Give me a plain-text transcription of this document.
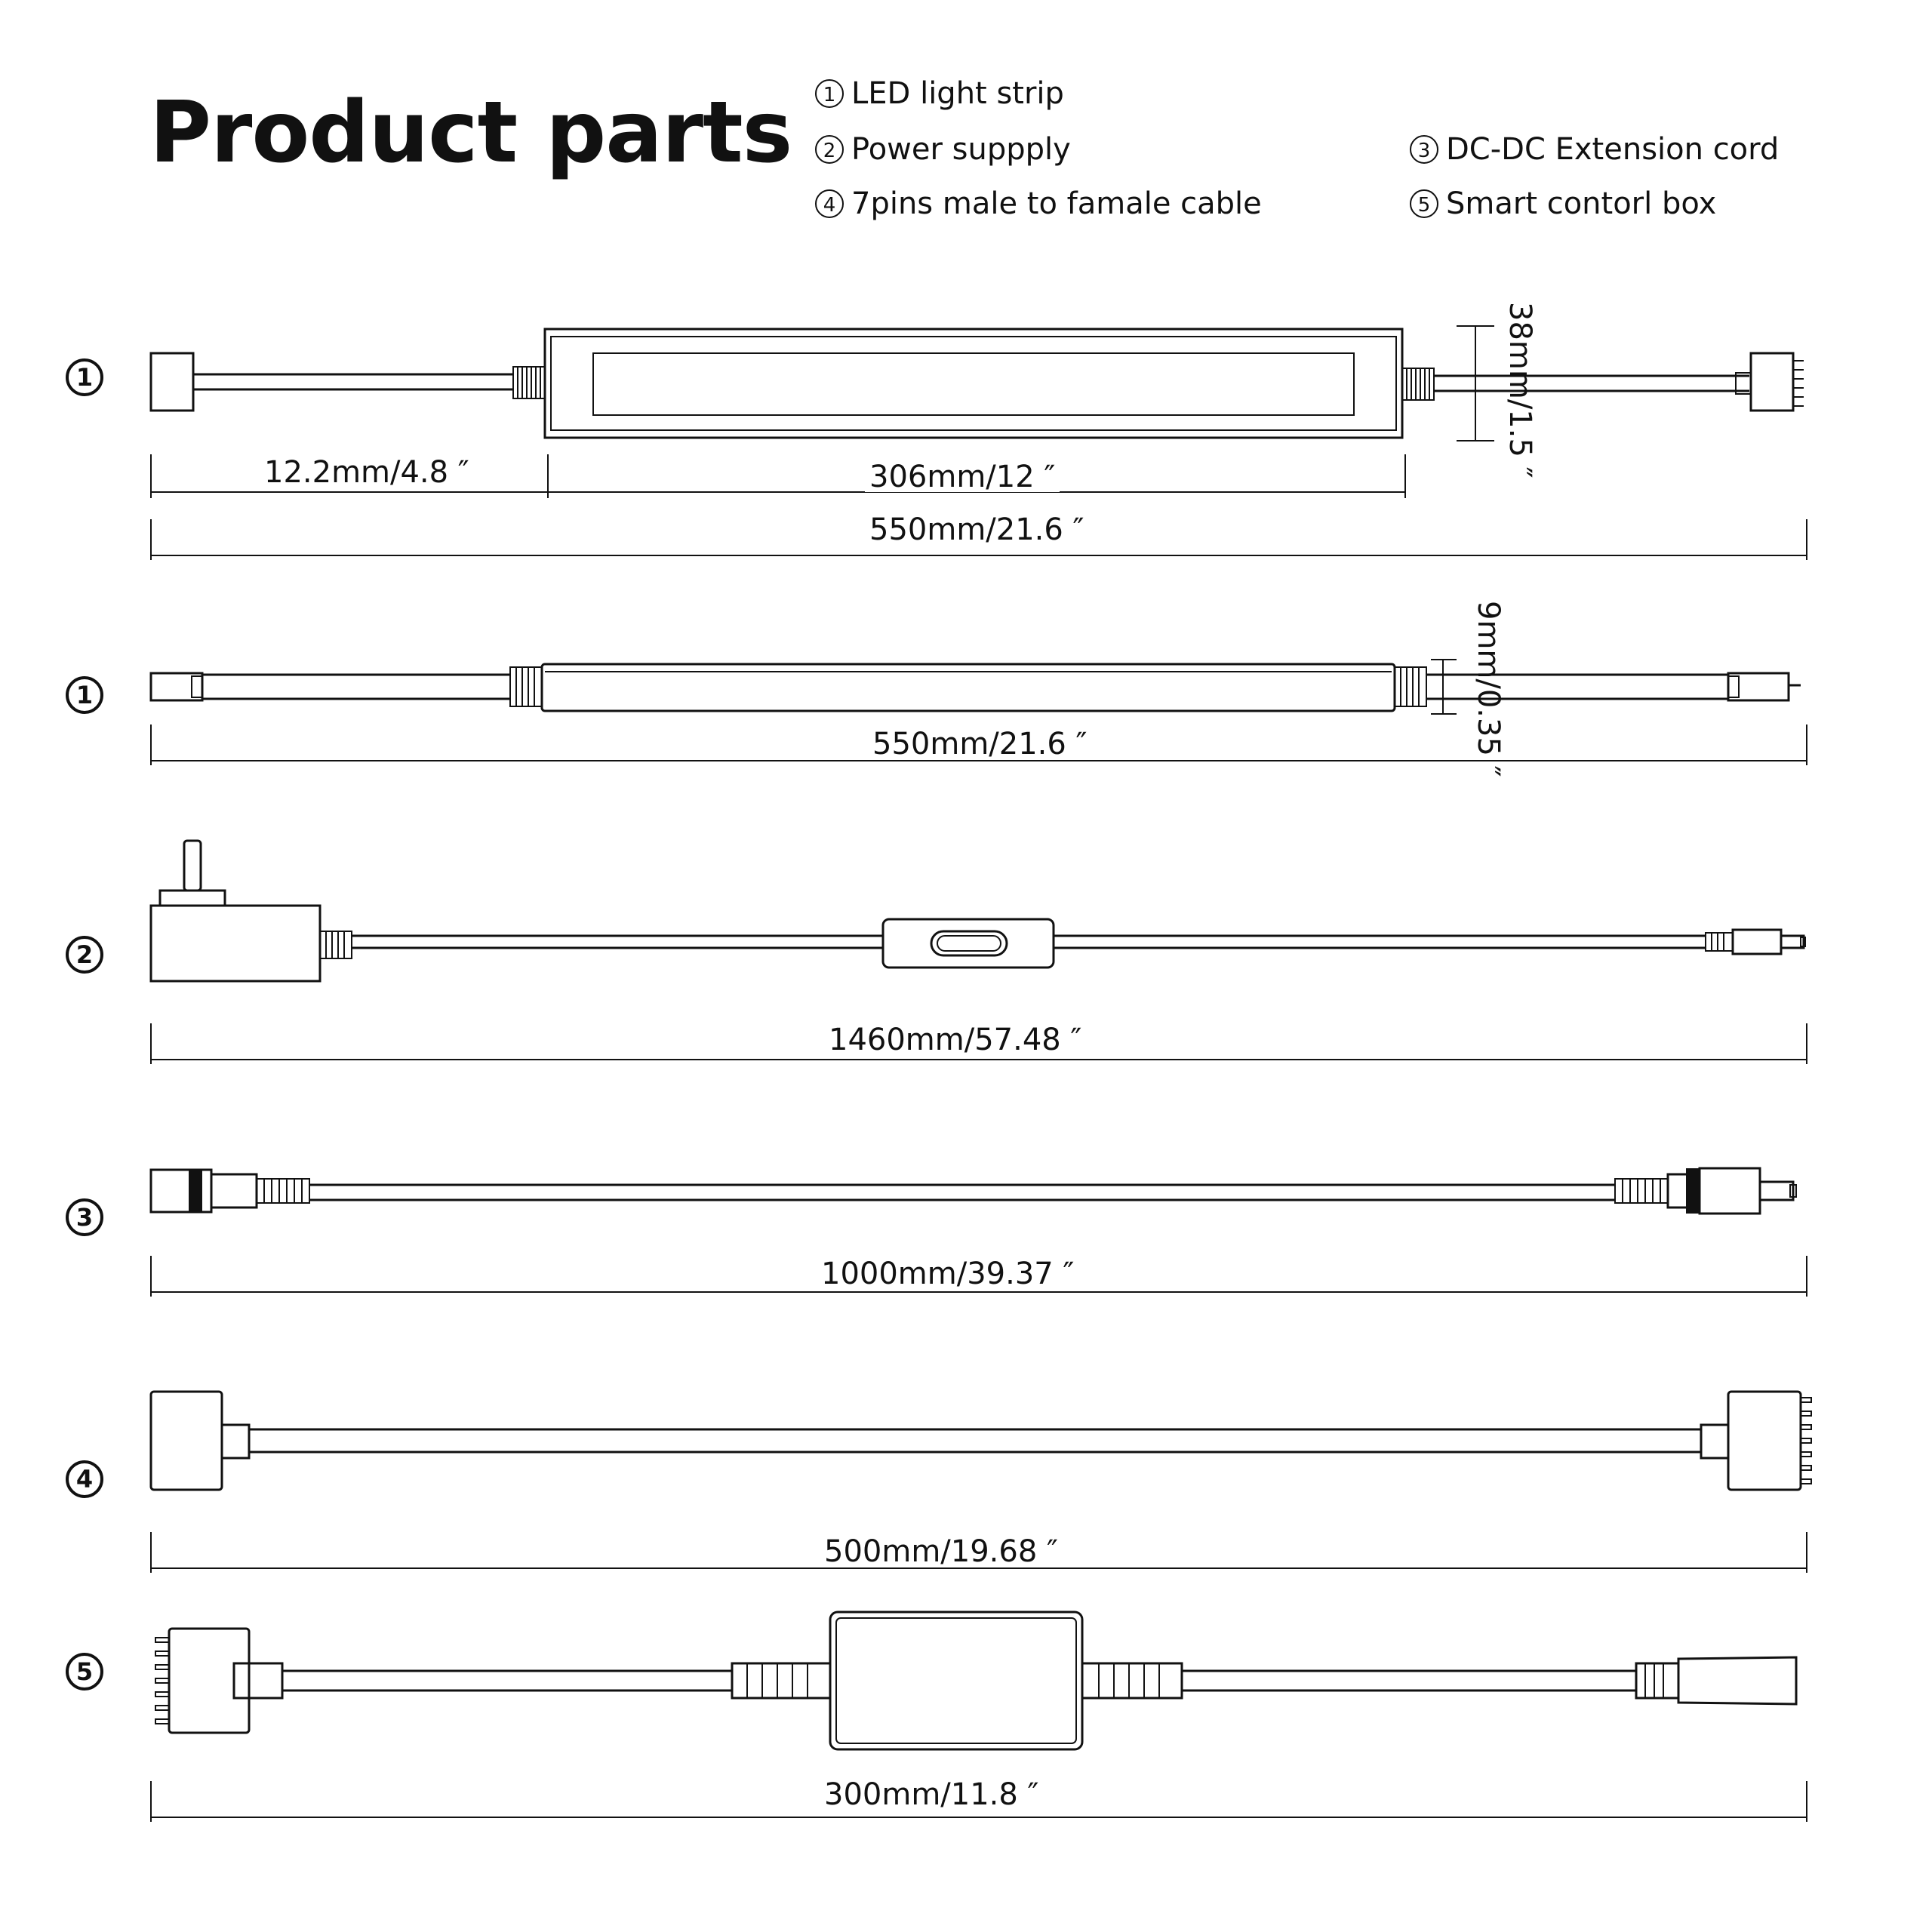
Product parts	1 LED light strip
2 Power suppply	3 DC-DC Extension cord
4 7pins male to famale cable	5 Smart contorl box
1
1
2
3
4
5
12.2mm/4.8 ″	306mm/12 ″
550mm/21.6 ″
38mm/1.5 ″
550mm/21.6 ″	9mm/0.35 ″
1460mm/57.48 ″
1000mm/39.37 ″
500mm/19.68 ″
300mm/11.8 ″
